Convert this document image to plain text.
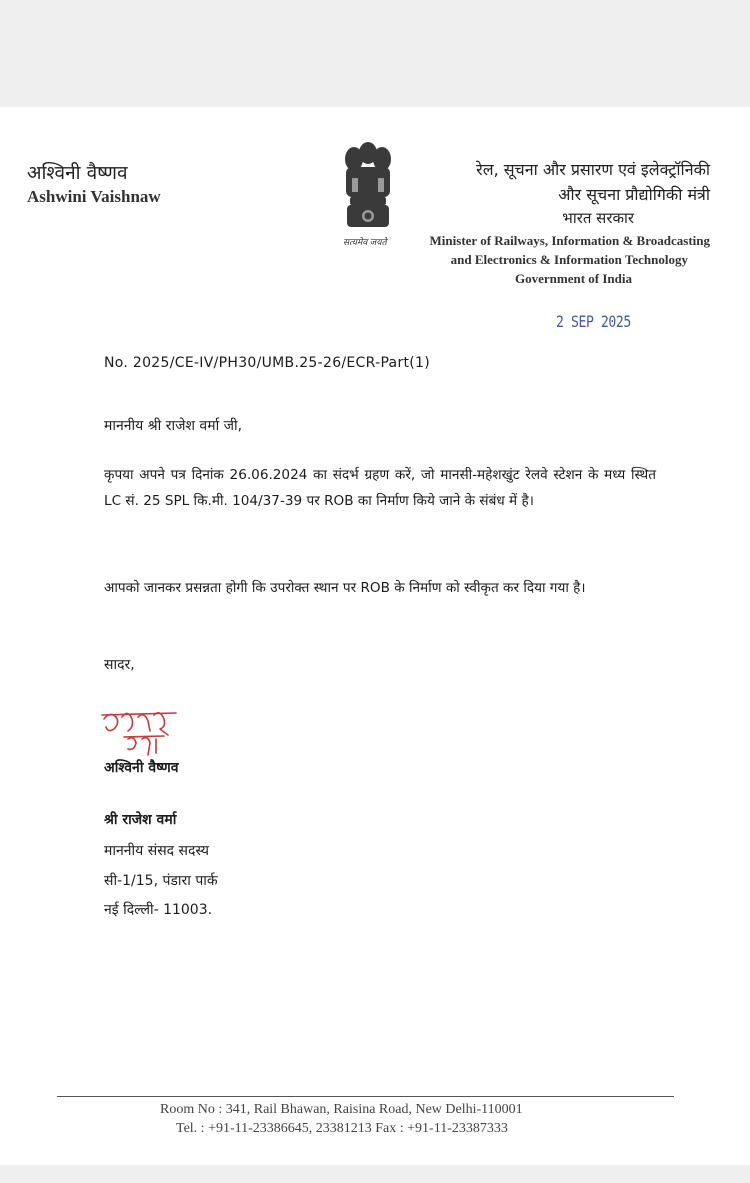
अश्विनी वैष्णव
Ashwini Vaishnaw
सत्यमेव जयते
रेल, सूचना और प्रसारण एवं इलेक्ट्रॉनिकी
और सूचना प्रौद्योगिकी मंत्री
भारत सरकार
Minister of Railways, Information & Broadcasting
and Electronics & Information Technology
Government of India
2 SEP 2025
No. 2025/CE-IV/PH30/UMB.25-26/ECR-Part(1)
माननीय श्री राजेश वर्मा जी,
कृपया अपने पत्र दिनांक 26.06.2024 का संदर्भ ग्रहण करें, जो मानसी-महेशखुंट रेलवे स्टेशन के मध्य स्थित LC सं. 25 SPL कि.मी. 104/37-39 पर ROB का निर्माण किये जाने के संबंध में है।
आपको जानकर प्रसन्नता होगी कि उपरोक्त स्थान पर ROB के निर्माण को स्वीकृत कर दिया गया है।
सादर,
अश्विनी वैष्णव
श्री राजेश वर्मा
माननीय संसद सदस्य
सी-1/15, पंडारा पार्क
नई दिल्ली- 11003.
Room No : 341, Rail Bhawan, Raisina Road, New Delhi-110001
Tel. : +91-11-23386645, 23381213 Fax : +91-11-23387333
